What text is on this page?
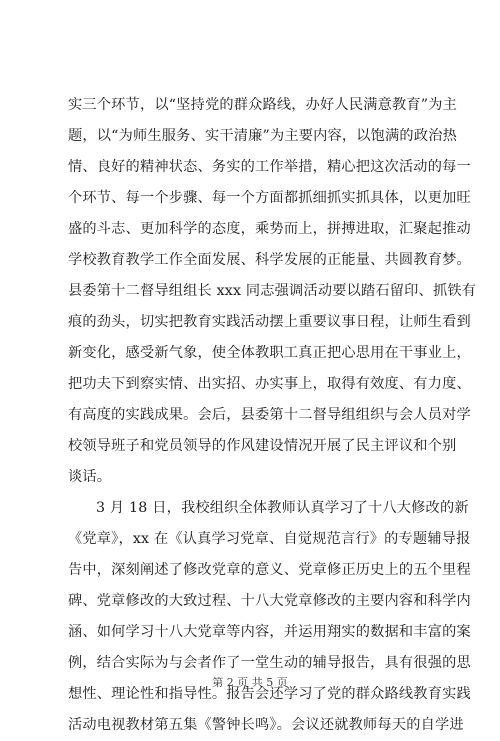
实三个环节，以“坚持党的群众路线，办好人民满意教育”为主
题，以“为师生服务、实干清廉”为主要内容，以饱满的政治热
情、良好的精神状态、务实的工作举措，精心把这次活动的每一
个环节、每一个步骤、每一个方面都抓细抓实抓具体，以更加旺
盛的斗志、更加科学的态度，乘势而上，拼搏进取，汇聚起推动
学校教育教学工作全面发展、科学发展的正能量、共圆教育梦。
县委第十二督导组组长 xxx 同志强调活动要以踏石留印、抓铁有
痕的劲头，切实把教育实践活动摆上重要议事日程，让师生看到
新变化，感受新气象，使全体教职工真正把心思用在干事业上，
把功夫下到察实情、出实招、办实事上，取得有效度、有力度、
有高度的实践成果。会后，县委第十二督导组组织与会人员对学
校领导班子和党员领导的作风建设情况开展了民主评议和个别
谈话。
3 月 18 日，我校组织全体教师认真学习了十八大修改的新
《党章》，xx 在《认真学习党章、自觉规范言行》的专题辅导报
告中，深刻阐述了修改党章的意义、党章修正历史上的五个里程
碑、党章修改的大致过程、十八大党章修改的主要内容和科学内
涵、如何学习十八大党章等内容，并运用翔实的数据和丰富的案
例，结合实际为与会者作了一堂生动的辅导报告，具有很强的思
想性、理论性和指导性。报告会还学习了党的群众路线教育实践
活动电视教材第五集《警钟长鸣》。会议还就教师每天的自学进
第 2 页 共 5 页
